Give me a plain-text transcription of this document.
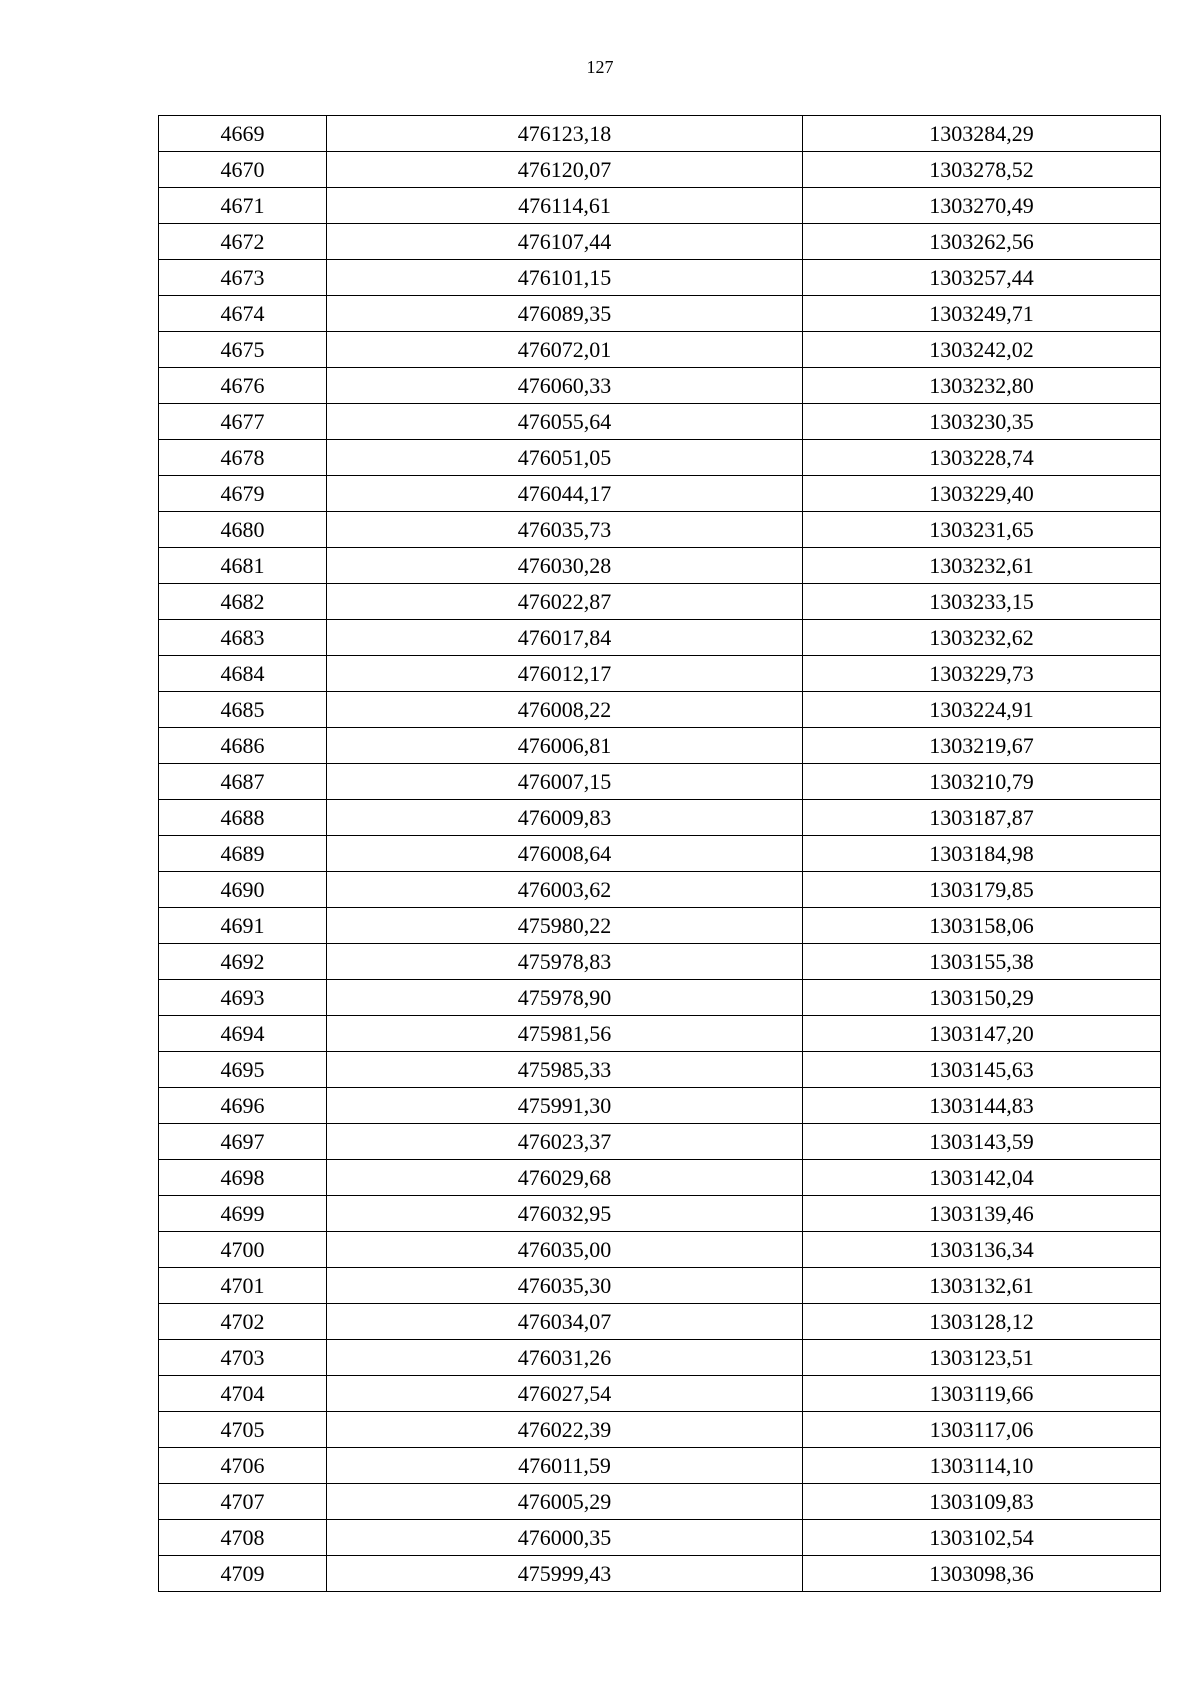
127
4669	476123,18	1303284,29
4670	476120,07	1303278,52
4671	476114,61	1303270,49
4672	476107,44	1303262,56
4673	476101,15	1303257,44
4674	476089,35	1303249,71
4675	476072,01	1303242,02
4676	476060,33	1303232,80
4677	476055,64	1303230,35
4678	476051,05	1303228,74
4679	476044,17	1303229,40
4680	476035,73	1303231,65
4681	476030,28	1303232,61
4682	476022,87	1303233,15
4683	476017,84	1303232,62
4684	476012,17	1303229,73
4685	476008,22	1303224,91
4686	476006,81	1303219,67
4687	476007,15	1303210,79
4688	476009,83	1303187,87
4689	476008,64	1303184,98
4690	476003,62	1303179,85
4691	475980,22	1303158,06
4692	475978,83	1303155,38
4693	475978,90	1303150,29
4694	475981,56	1303147,20
4695	475985,33	1303145,63
4696	475991,30	1303144,83
4697	476023,37	1303143,59
4698	476029,68	1303142,04
4699	476032,95	1303139,46
4700	476035,00	1303136,34
4701	476035,30	1303132,61
4702	476034,07	1303128,12
4703	476031,26	1303123,51
4704	476027,54	1303119,66
4705	476022,39	1303117,06
4706	476011,59	1303114,10
4707	476005,29	1303109,83
4708	476000,35	1303102,54
4709	475999,43	1303098,36
